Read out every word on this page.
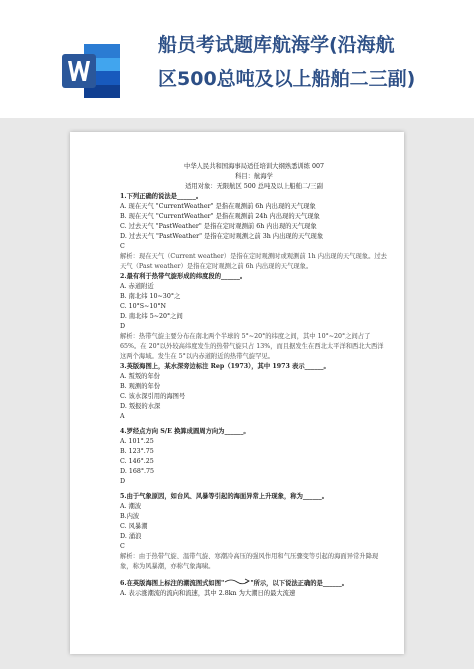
船员考试题库航海学(沿海航
区500总吨及以上船舶二三副)
中华人民共和国海事局适任培训大纲熟悉训练 007
科目：航海学
适用对象：无限航区 500 总吨及以上船舶二/三副
1.下列正确的说法是______。
A. 现在天气 "CurrentWeather" 是指在观测前 6h 内出现的天气现象
B. 现在天气 "CurrentWeather" 是指在观测前 24h 内出现的天气现象
C. 过去天气 "PastWeather" 是指在定时观测前 6h 内出现的天气现象
D. 过去天气 "PastWeather" 是指在定时观测之前 3h 内出现的天气现象
C
解析：现在天气（Current weather）是指在定时观测时或观测前 1h 内出现的天气现象。过去天气（Past weather）是指在定时观测之前 6h 内出现的天气现象。
2.最有利于热带气旋形成的纬度段的______。
A. 赤道附近
B. 南北纬 10~30°之
C. 10°S~10°N
D. 南北纬 5~20°之间
D
解析：热带气旋主要分布在南北两个半球的 5°~20°的纬度之间，其中 10°~20°之间占了 65%。在 20°以外较高纬度发生的热带气旋只占 13%，而且据发生在西北太平洋和西北大西洋这两个海域。发生在 5°以内赤道附近的热带气旋罕见。
3.英版海图上，某水深旁边标注 Rep（1973），其中 1973 表示______。
A. 叛叛的年份
B. 观测的年份
C. 该水深引用的海图号
D. 叛报的水深
A
4.罗经点方向 S/E 换算成圆周方向为______。
A. 101°.25
B. 123°.75
C. 146°.25
D. 168°.75
D
5.由于气象原因，如台风、风暴等引起的海面异常上升现象，称为______。
A. 潮波
B.内波
C. 风暴潮
D. 涌浪
C
解析：由于热带气旋、温带气旋、寒潮冷高压的强风作用和气压骤变等引起的海面异常升降现象，称为风暴潮，亦称气象海啸。
6.在英版海图上标注的潮流图式如图"	"所示，以下说法正确的是______。
A. 表示涨潮流的流向和流速，其中 2.8kn 为大潮日的最大流速
